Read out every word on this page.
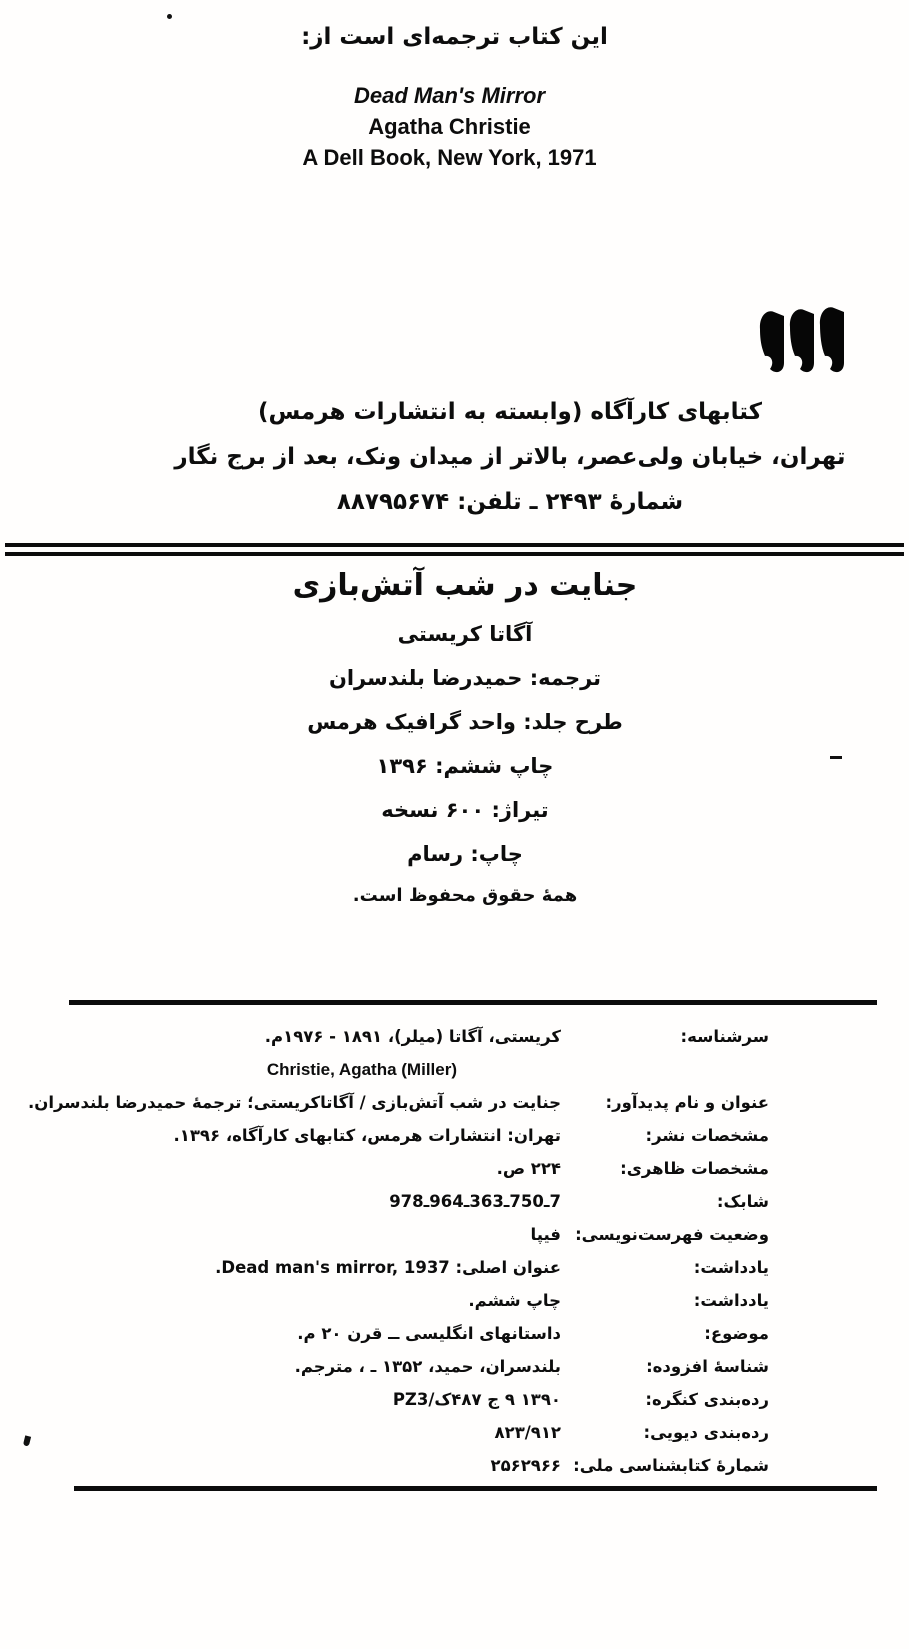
این کتاب ترجمه‌ای است از:
Dead Man's Mirror
Agatha Christie
A Dell Book, New York, 1971
کتابهای کارآگاه (وابسته به انتشارات هرمس)
تهران، خیابان ولی‌عصر، بالاتر از میدان ونک، بعد از برج نگار
شمارهٔ ۲۴۹۳ ـ تلفن: ۸۸۷۹۵۶۷۴
جنایت در شب آتش‌بازی
آگاتا کریستی
ترجمه: حمیدرضا بلندسران
طرح جلد: واحد گرافیک هرمس
چاپ ششم: ۱۳۹۶
تیراژ: ۶۰۰ نسخه
چاپ: رسام
همهٔ حقوق محفوظ است.
سرشناسه:	کریستی، آگاتا (میلر)، ۱۸۹۱ - ۱۹۷۶م.
Christie, Agatha (Miller)

عنوان و نام پدیدآور:	جنایت در شب آتش‌بازی / آگاتاکریستی؛ ترجمهٔ حمیدرضا بلندسران.
مشخصات نشر:	تهران: انتشارات هرمس، کتابهای کارآگاه، ۱۳۹۶.
مشخصات ظاهری:	۲۲۴ ص.
شابک:	978ـ964ـ363ـ750ـ7
وضعیت فهرست‌نویسی:	فیپا
یادداشت:	عنوان اصلی: Dead man's mirror, 1937.
یادداشت:	چاپ ششم.
موضوع:	داستانهای انگلیسی ــ قرن ۲۰ م.
شناسهٔ افزوده:	بلندسران، حمید، ۱۳۵۲ ـ ، مترجم.
رده‌بندی کنگره:	PZ3/ک۴۸۷ ج ۹ ۱۳۹۰
رده‌بندی دیویی:	۸۲۳/۹۱۲
شمارهٔ کتابشناسی ملی:	۲۵۶۲۹۶۶
